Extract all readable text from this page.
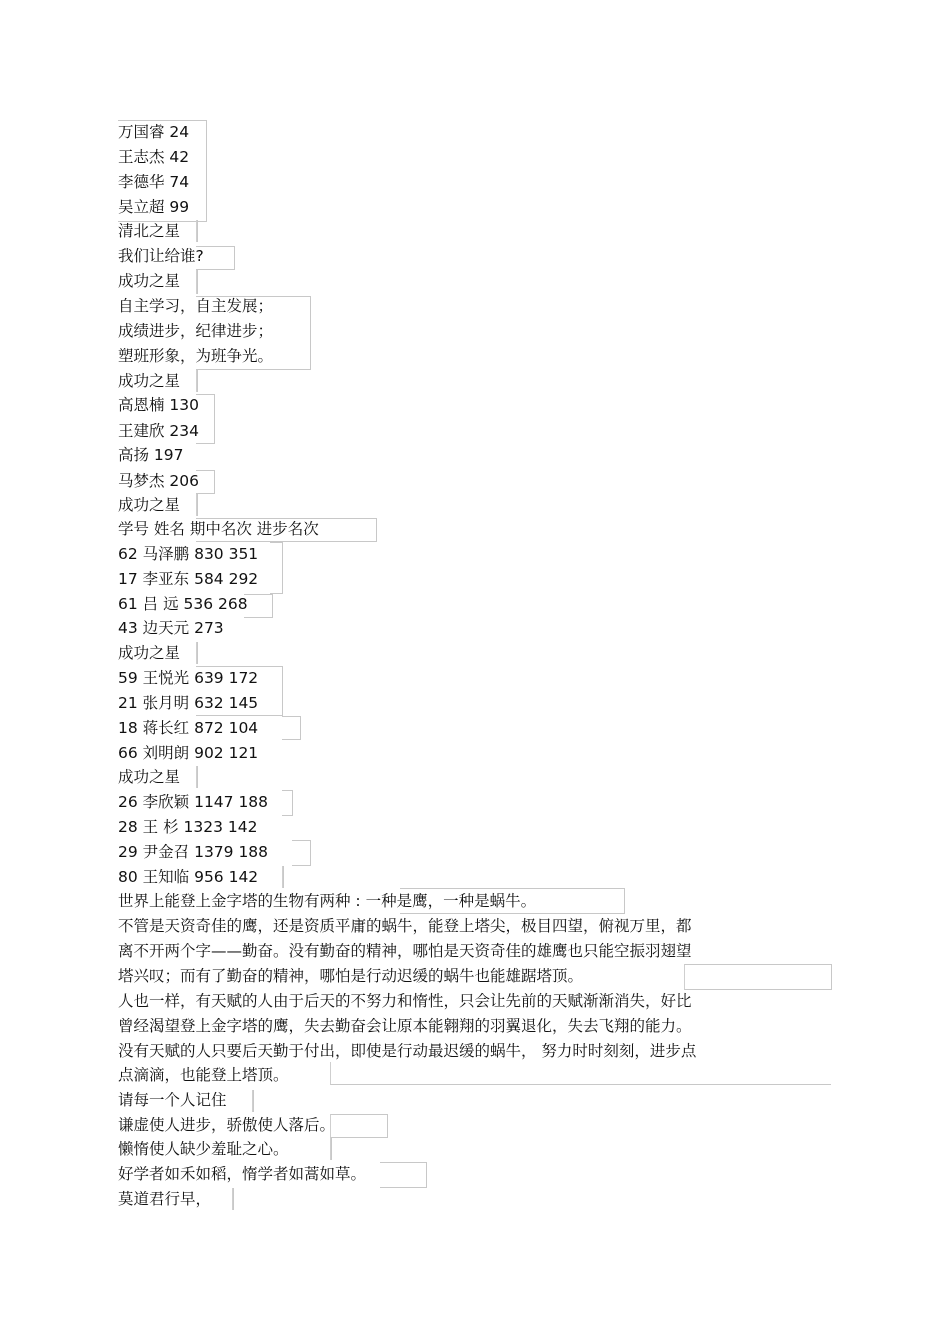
万国睿 24
王志杰 42
李德华 74
吴立超 99
清北之星
我们让给谁?
成功之星
自主学习，自主发展；
成绩进步，纪律进步；
塑班形象，为班争光。
成功之星
高恩楠 130
王建欣 234
高扬 197
马梦杰 206
成功之星
学号 姓名 期中名次 进步名次
62 马泽鹏 830 351
17 李亚东 584 292
61 吕 远 536 268
43 边天元 273
成功之星
59 王悦光 639 172
21 张月明 632 145
18 蒋长红 872 104
66 刘明朗 902 121
成功之星
26 李欣颖 1147 188
28 王 杉 1323 142
29 尹金召 1379 188
80 王知临 956 142
世界上能登上金字塔的生物有两种 : 一种是鹰，一种是蜗牛。
不管是天资奇佳的鹰，还是资质平庸的蜗牛，能登上塔尖，极目四望，俯视万里，都
离不开两个字——勤奋。没有勤奋的精神，哪怕是天资奇佳的雄鹰也只能空振羽翅望
塔兴叹；而有了勤奋的精神，哪怕是行动迟缓的蜗牛也能雄踞塔顶。
人也一样，有天赋的人由于后天的不努力和惰性，只会让先前的天赋渐渐消失，好比
曾经渴望登上金字塔的鹰，失去勤奋会让原本能翱翔的羽翼退化，失去飞翔的能力。
没有天赋的人只要后天勤于付出，即使是行动最迟缓的蜗牛， 努力时时刻刻，进步点
点滴滴，也能登上塔顶。
请每一个人记住
谦虚使人进步，骄傲使人落后。
懒惰使人缺少羞耻之心。
好学者如禾如稻，惰学者如蒿如草。
莫道君行早，
